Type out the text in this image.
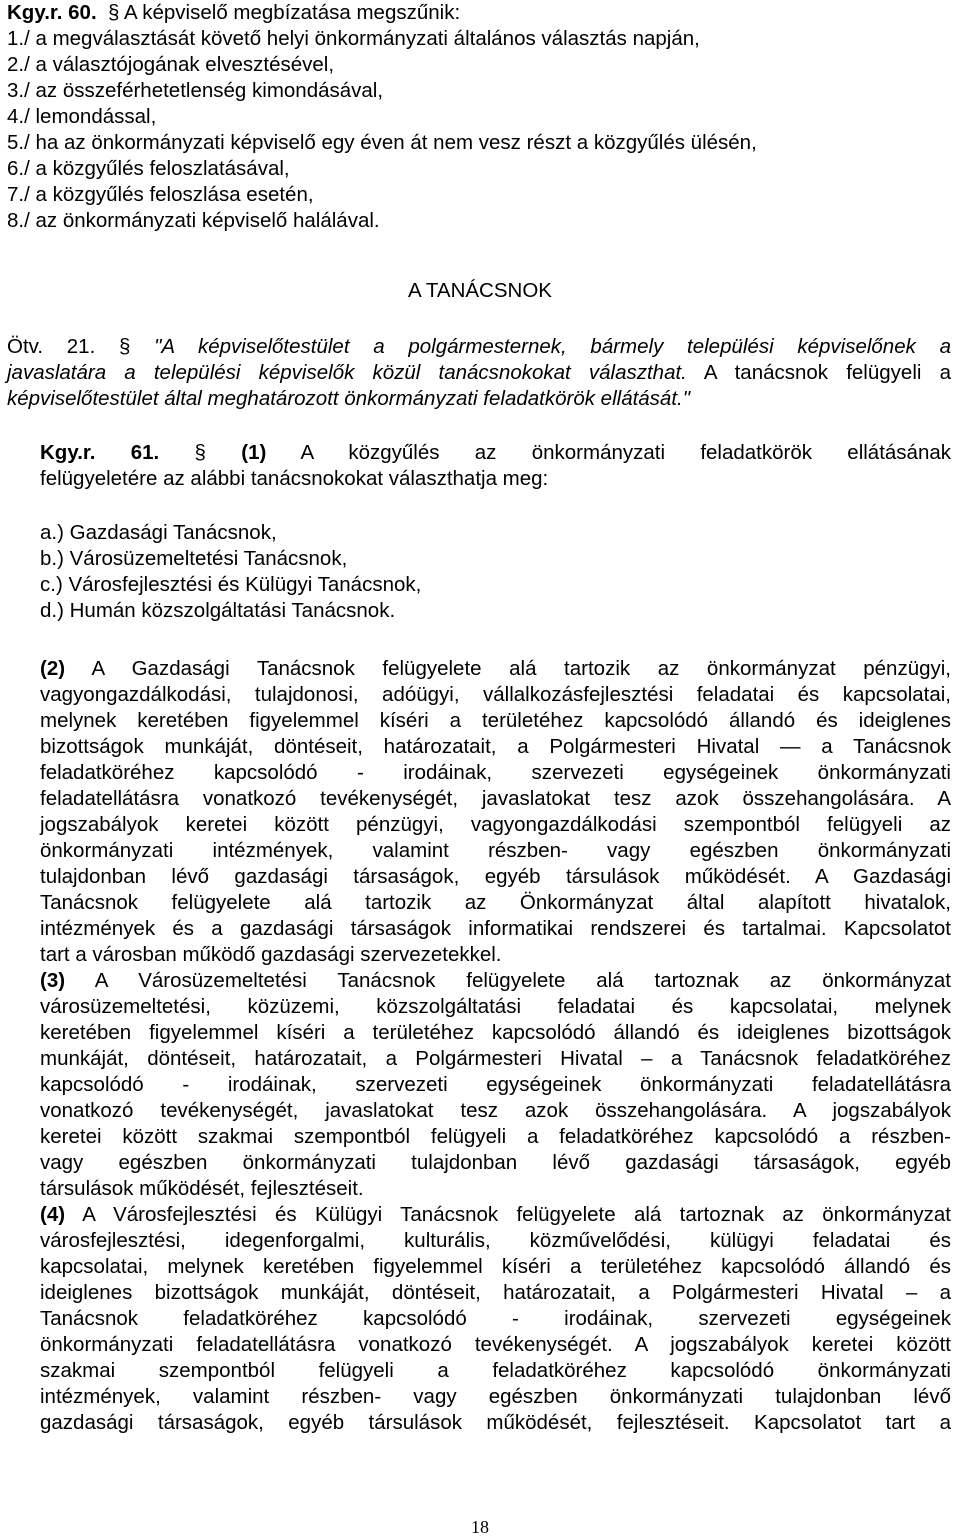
Kgy.r. 60.  § A képviselő megbízatása megszűnik:
1./ a megválasztását követő helyi önkormányzati általános választás napján,
2./ a választójogának elvesztésével,
3./ az összeférhetetlenség kimondásával,
4./ lemondással,
5./ ha az önkormányzati képviselő egy éven át nem vesz részt a közgyűlés ülésén,
6./ a közgyűlés feloszlatásával,
7./ a közgyűlés feloszlása esetén,
8./ az önkormányzati képviselő halálával.
A TANÁCSNOK
Ötv. 21. § "A képviselőtestület a polgármesternek, bármely települési képviselőnek a
javaslatára a települési képviselők közül tanácsnokokat választhat. A tanácsnok felügyeli a
képviselőtestület által meghatározott önkormányzati feladatkörök ellátását."
Kgy.r. 61. § (1) A közgyűlés az önkormányzati feladatkörök ellátásának
felügyeletére az alábbi tanácsnokokat választhatja meg:
a.) Gazdasági Tanácsnok,
b.) Városüzemeltetési Tanácsnok,
c.) Városfejlesztési és Külügyi Tanácsnok,
d.) Humán közszolgáltatási Tanácsnok.
(2) A Gazdasági Tanácsnok felügyelete alá tartozik az önkormányzat pénzügyi,
vagyongazdálkodási, tulajdonosi, adóügyi, vállalkozásfejlesztési feladatai és kapcsolatai,
melynek keretében figyelemmel kíséri a területéhez kapcsolódó állandó és ideiglenes
bizottságok munkáját, döntéseit, határozatait, a Polgármesteri Hivatal — a Tanácsnok
feladatköréhez kapcsolódó - irodáinak, szervezeti egységeinek önkormányzati
feladatellátásra vonatkozó tevékenységét, javaslatokat tesz azok összehangolására. A
jogszabályok keretei között pénzügyi, vagyongazdálkodási szempontból felügyeli az
önkormányzati intézmények, valamint részben- vagy egészben önkormányzati
tulajdonban lévő gazdasági társaságok, egyéb társulások működését. A Gazdasági
Tanácsnok felügyelete alá tartozik az Önkormányzat által alapított hivatalok,
intézmények és a gazdasági társaságok informatikai rendszerei és tartalmai. Kapcsolatot
tart a városban működő gazdasági szervezetekkel.
(3) A Városüzemeltetési Tanácsnok felügyelete alá tartoznak az önkormányzat
városüzemeltetési, közüzemi, közszolgáltatási feladatai és kapcsolatai, melynek
keretében figyelemmel kíséri a területéhez kapcsolódó állandó és ideiglenes bizottságok
munkáját, döntéseit, határozatait, a Polgármesteri Hivatal – a Tanácsnok feladatköréhez
kapcsolódó - irodáinak, szervezeti egységeinek önkormányzati feladatellátásra
vonatkozó tevékenységét, javaslatokat tesz azok összehangolására. A jogszabályok
keretei között szakmai szempontból felügyeli a feladatköréhez kapcsolódó a részben-
vagy egészben önkormányzati tulajdonban lévő gazdasági társaságok, egyéb
társulások működését, fejlesztéseit.
(4) A Városfejlesztési és Külügyi Tanácsnok felügyelete alá tartoznak az önkormányzat
városfejlesztési, idegenforgalmi, kulturális, közművelődési, külügyi feladatai és
kapcsolatai, melynek keretében figyelemmel kíséri a területéhez kapcsolódó állandó és
ideiglenes bizottságok munkáját, döntéseit, határozatait, a Polgármesteri Hivatal – a
Tanácsnok feladatköréhez kapcsolódó - irodáinak, szervezeti egységeinek
önkormányzati feladatellátásra vonatkozó tevékenységét. A jogszabályok keretei között
szakmai szempontból felügyeli a feladatköréhez kapcsolódó önkormányzati
intézmények, valamint részben- vagy egészben önkormányzati tulajdonban lévő
gazdasági társaságok, egyéb társulások működését, fejlesztéseit. Kapcsolatot tart a
18
